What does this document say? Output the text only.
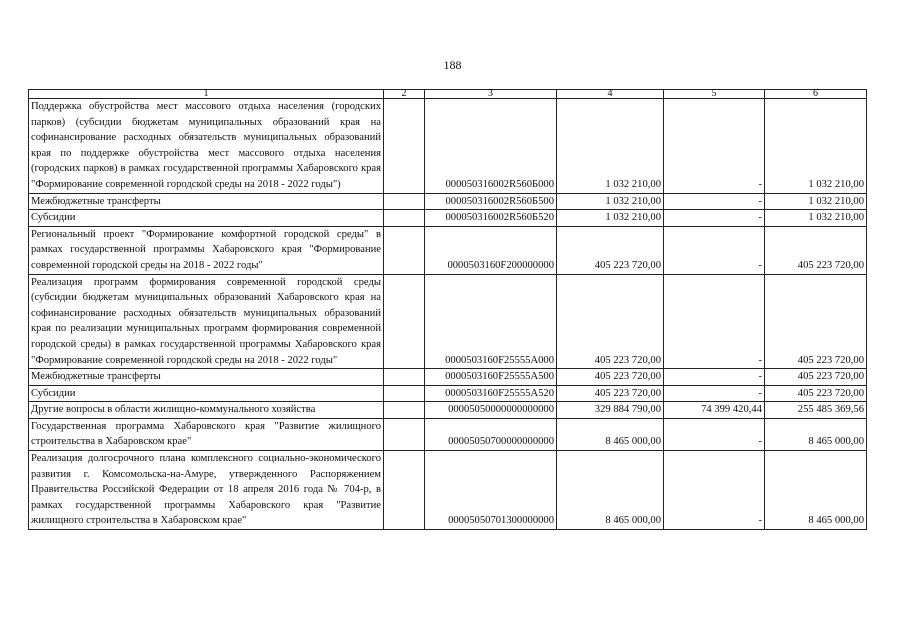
188
1	2	3	4	5	6
Поддержка обустройства мест массового отдыха населения (городских парков) (субсидии бюджетам муниципальных образований края на софинансирование расходных обязательств муниципальных образований края по поддержке обустройства мест массового отдыха населения (городских парков) в рамках государственной программы Хабаровского края "Формирование современной городской среды на 2018 - 2022 годы")		000050316002R560Б000	1 032 210,00	-	1 032 210,00
Межбюджетные трансферты		000050316002R560Б500	1 032 210,00	-	1 032 210,00
Субсидии		000050316002R560Б520	1 032 210,00	-	1 032 210,00
Региональный проект "Формирование комфортной городской среды" в рамках государственной программы Хабаровского края "Формирование современной городской среды на 2018 - 2022 годы"		0000503160F200000000	405 223 720,00	-	405 223 720,00
Реализация программ формирования современной городской среды (субсидии бюджетам муниципальных образований Хабаровского края на софинансирование расходных обязательств муниципальных образований края по реализации муниципальных программ формирования современной городской среды) в рамках государственной программы Хабаровского края "Формирование современной городской среды на 2018 - 2022 годы"		0000503160F25555А000	405 223 720,00	-	405 223 720,00
Межбюджетные трансферты		0000503160F25555А500	405 223 720,00	-	405 223 720,00
Субсидии		0000503160F25555А520	405 223 720,00	-	405 223 720,00
Другие вопросы в области жилищно-коммунального хозяйства		00005050000000000000	329 884 790,00	74 399 420,44	255 485 369,56
Государственная программа Хабаровского края "Развитие жилищного строительства в Хабаровском крае"		00005050700000000000	8 465 000,00	-	8 465 000,00
Реализация долгосрочного плана комплексного социально-экономического развития г. Комсомольска-на-Амуре, утвержденного Распоряжением Правительства Российской Федерации от 18 апреля 2016 года № 704-р, в рамках государственной программы Хабаровского края "Развитие жилищного строительства в Хабаровском крае"		00005050701300000000	8 465 000,00	-	8 465 000,00
